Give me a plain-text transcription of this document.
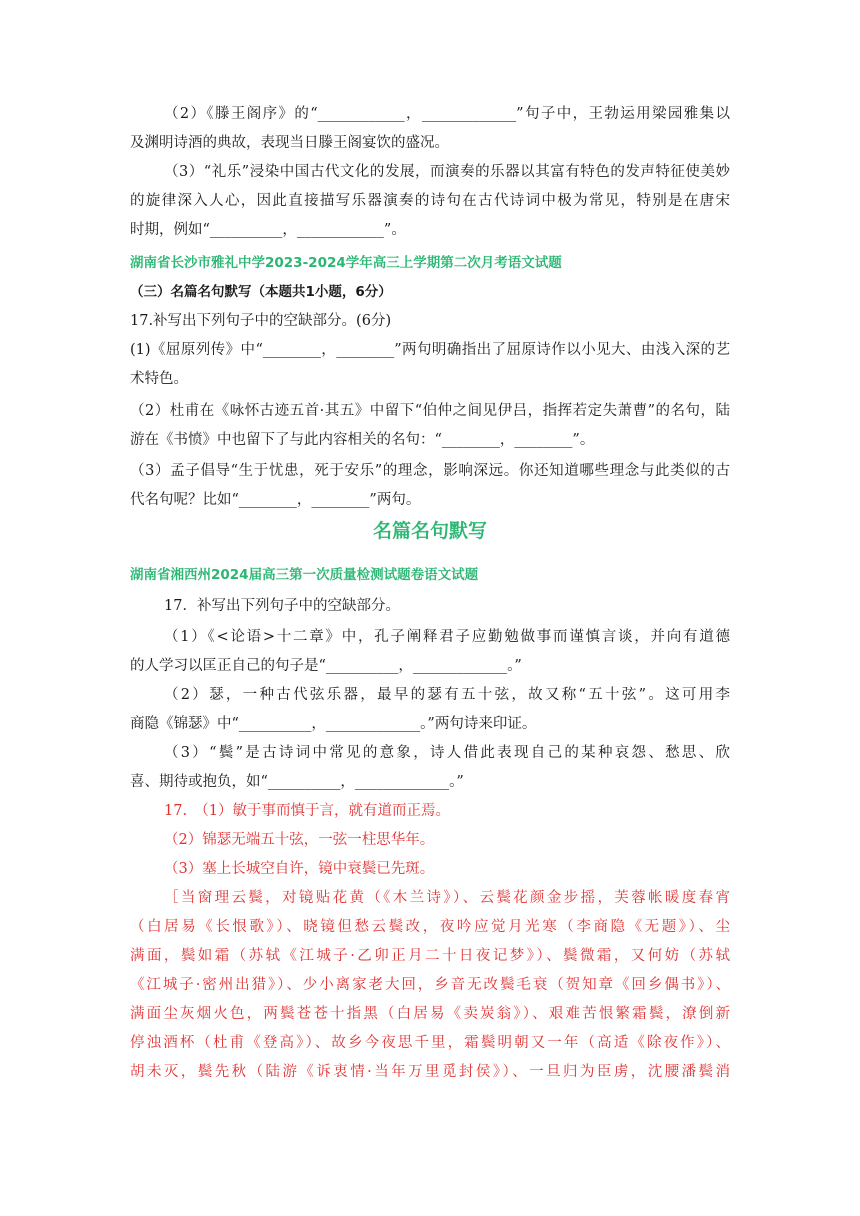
（2）《滕王阁序》的“____________，_____________”句子中，王勃运用梁园雅集以
及渊明诗酒的典故，表现当日滕王阁宴饮的盛况。
（3）“礼乐”浸染中国古代文化的发展，而演奏的乐器以其富有特色的发声特征使美妙
的旋律深入人心，因此直接描写乐器演奏的诗句在古代诗词中极为常见，特别是在唐宋
时期，例如“__________，____________”。
湖南省长沙市雅礼中学2023-2024学年高三上学期第二次月考语文试题
（三）名篇名句默写（本题共1小题，6分）
17.补写出下列句子中的空缺部分。(6分)
(1)《屈原列传》中“________，________”两句明确指出了屈原诗作以小见大、由浅入深的艺
术特色。
（2）杜甫在《咏怀古迹五首·其五》中留下“伯仲之间见伊吕，指挥若定失萧曹”的名句，陆
游在《书愤》中也留下了与此内容相关的名句：“________，________”。
（3）孟子倡导“生于忧患，死于安乐”的理念，影响深远。你还知道哪些理念与此类似的古
代名句呢？比如“________，________”两句。
名篇名句默写
湖南省湘西州2024届高三第一次质量检测试题卷语文试题
17．补写出下列句子中的空缺部分。
（1）《<论语>十二章》中，孔子阐释君子应勤勉做事而谨慎言谈，并向有道德
的人学习以匡正自己的句子是“__________，_____________。”
（2）瑟，一种古代弦乐器，最早的瑟有五十弦，故又称“五十弦”。这可用李
商隐《锦瑟》中“__________，_____________。”两句诗来印证。
（3）“鬓”是古诗词中常见的意象，诗人借此表现自己的某种哀怨、愁思、欣
喜、期待或抱负，如“__________，_____________。”
17.　（1）敏于事而慎于言，就有道而正焉。
（2）锦瑟无端五十弦，一弦一柱思华年。
（3）塞上长城空自许，镜中衰鬓已先斑。
［当窗理云鬓，对镜贴花黄（《木兰诗》）、云鬓花颜金步摇，芙蓉帐暖度春宵
（白居易《长恨歌》）、晓镜但愁云鬓改，夜吟应觉月光寒（李商隐《无题》）、尘
满面，鬓如霜（苏轼《江城子·乙卯正月二十日夜记梦》）、鬓微霜，又何妨（苏轼
《江城子·密州出猎》）、少小离家老大回，乡音无改鬓毛衰（贺知章《回乡偶书》）、
满面尘灰烟火色，两鬓苍苍十指黑（白居易《卖炭翁》）、艰难苦恨繁霜鬓，潦倒新
停浊酒杯（杜甫《登高》）、故乡今夜思千里，霜鬓明朝又一年（高适《除夜作》）、
胡未灭，鬓先秋（陆游《诉衷情·当年万里觅封侯》）、一旦归为臣虏，沈腰潘鬓消
